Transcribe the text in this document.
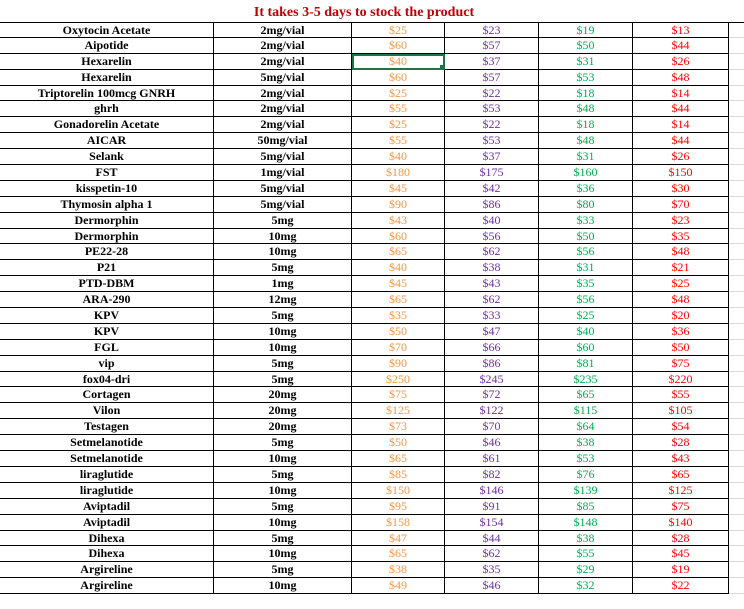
It takes 3-5 days to stock the product
Oxytocin Acetate	2mg/vial	$25	$23	$19	$13
Aipotide	2mg/vial	$60	$57	$50	$44
Hexarelin	2mg/vial	$40	$37	$31	$26
Hexarelin	5mg/vial	$60	$57	$53	$48
Triptorelin 100mcg GNRH	2mg/vial	$25	$22	$18	$14
ghrh	2mg/vial	$55	$53	$48	$44
Gonadorelin Acetate	2mg/vial	$25	$22	$18	$14
AICAR	50mg/vial	$55	$53	$48	$44
Selank	5mg/vial	$40	$37	$31	$26
FST	1mg/vial	$180	$175	$160	$150
kisspetin-10	5mg/vial	$45	$42	$36	$30
Thymosin alpha 1	5mg/vial	$90	$86	$80	$70
Dermorphin	5mg	$43	$40	$33	$23
Dermorphin	10mg	$60	$56	$50	$35
PE22-28	10mg	$65	$62	$56	$48
P21	5mg	$40	$38	$31	$21
PTD-DBM	1mg	$45	$43	$35	$25
ARA-290	12mg	$65	$62	$56	$48
KPV	5mg	$35	$33	$25	$20
KPV	10mg	$50	$47	$40	$36
FGL	10mg	$70	$66	$60	$50
vip	5mg	$90	$86	$81	$75
fox04-dri	5mg	$250	$245	$235	$220
Cortagen	20mg	$75	$72	$65	$55
Vilon	20mg	$125	$122	$115	$105
Testagen	20mg	$73	$70	$64	$54
Setmelanotide	5mg	$50	$46	$38	$28
Setmelanotide	10mg	$65	$61	$53	$43
liraglutide	5mg	$85	$82	$76	$65
liraglutide	10mg	$150	$146	$139	$125
Aviptadil	5mg	$95	$91	$85	$75
Aviptadil	10mg	$158	$154	$148	$140
Dihexa	5mg	$47	$44	$38	$28
Dihexa	10mg	$65	$62	$55	$45
Argireline	5mg	$38	$35	$29	$19
Argireline	10mg	$49	$46	$32	$22
